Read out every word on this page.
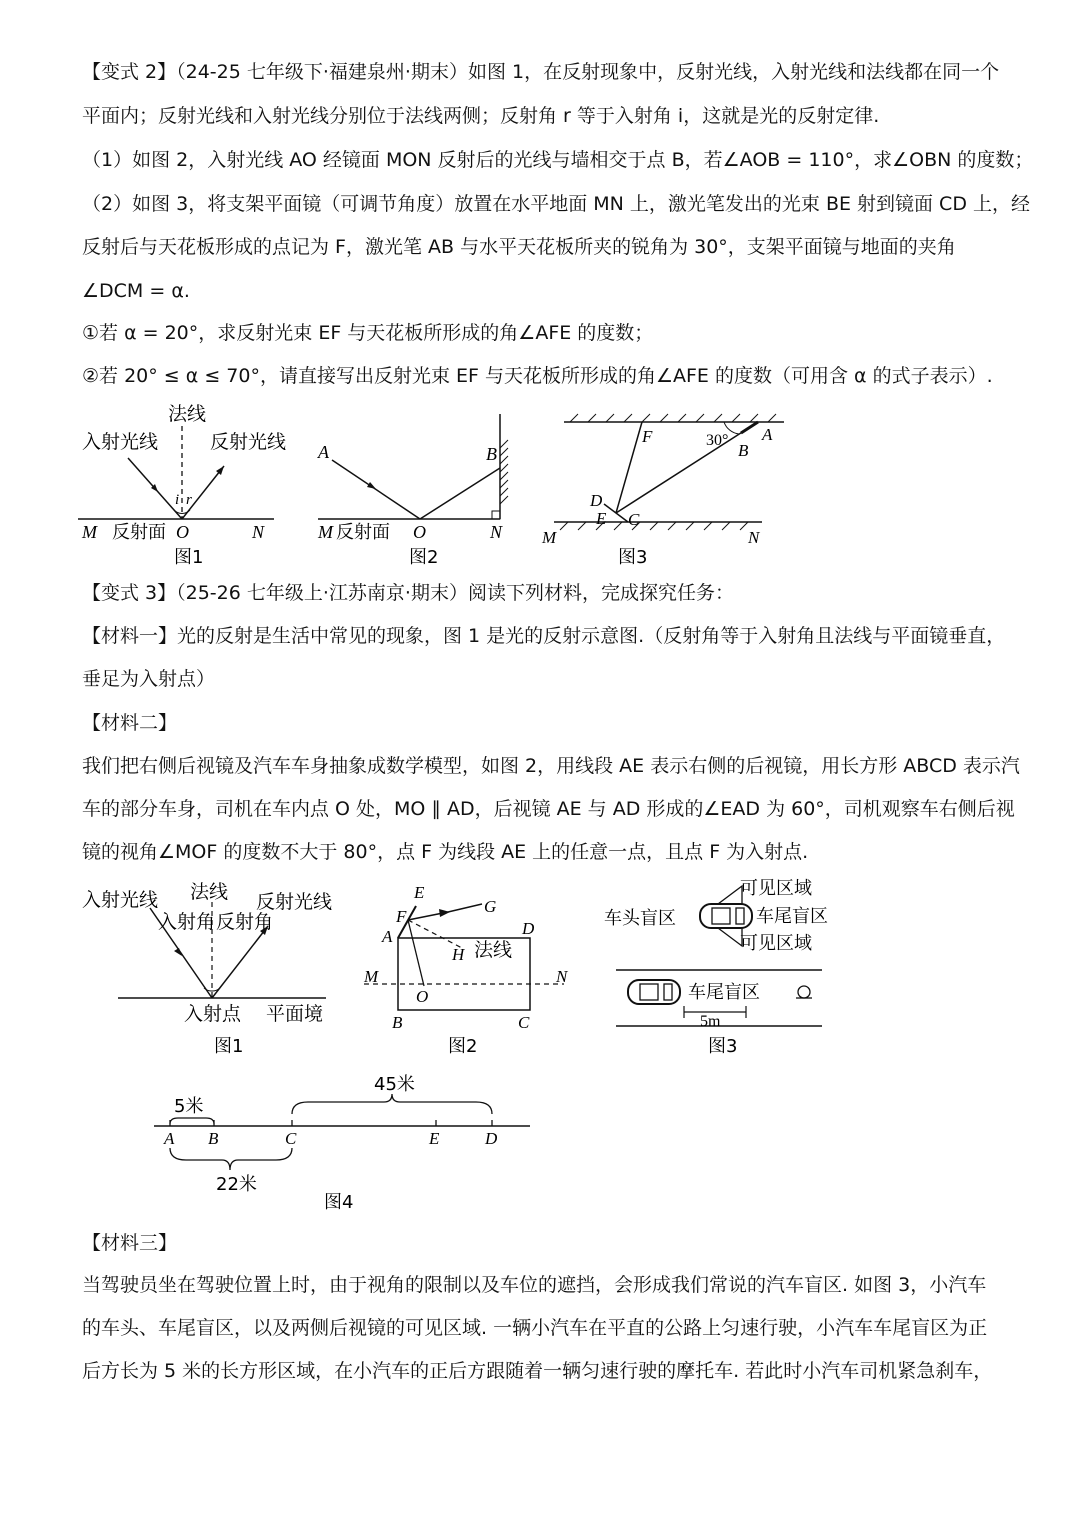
【变式 2】（24-25 七年级下·福建泉州·期末）如图 1，在反射现象中，反射光线，入射光线和法线都在同一个
平面内；反射光线和入射光线分别位于法线两侧；反射角 r 等于入射角 i，这就是光的反射定律.
（1）如图 2，入射光线 AO 经镜面 MON 反射后的光线与墙相交于点 B，若∠AOB = 110°，求∠OBN 的度数；
（2）如图 3，将支架平面镜（可调节角度）放置在水平地面 MN 上，激光笔发出的光束 BE 射到镜面 CD 上，经
反射后与天花板形成的点记为 F，激光笔 AB 与水平天花板所夹的锐角为 30°，支架平面镜与地面的夹角
∠DCM = α.
①若 α = 20°，求反射光束 EF 与天花板所形成的角∠AFE 的度数；
②若 20° ≤ α ≤ 70°，请直接写出反射光束 EF 与天花板所形成的角∠AFE 的度数（可用含 α 的式子表示）.
法线
入射光线	反射光线
i r
M 反射面 O	N
图1
A	B
M 反射面 O	N
图2
F	30° A
B
D
E C
M	N
图3
【变式 3】（25-26 七年级上·江苏南京·期末）阅读下列材料，完成探究任务：
【材料一】光的反射是生活中常见的现象，图 1 是光的反射示意图.（反射角等于入射角且法线与平面镜垂直，
垂足为入射点）
【材料二】
我们把右侧后视镜及汽车车身抽象成数学模型，如图 2，用线段 AE 表示右侧的后视镜，用长方形 ABCD 表示汽
车的部分车身，司机在车内点 O 处，MO ∥ AD，后视镜 AE 与 AD 形成的∠EAD 为 60°，司机观察车右侧后视
镜的视角∠MOF 的度数不大于 80°，点 F 为线段 AE 上的任意一点，且点 F 为入射点.
入射光线 法线 反射光线
入射角 反射角
入射点 平面境
图1
E
F
G
A	D
H 法线
M	N
O
B	C
图2
可见区域
车头盲区	车尾盲区
可见区域
车尾盲区
5m
图3
5米
45米
A B	C	E	D
22米
图4
【材料三】
当驾驶员坐在驾驶位置上时，由于视角的限制以及车位的遮挡，会形成我们常说的汽车盲区. 如图 3，小汽车
的车头、车尾盲区，以及两侧后视镜的可见区域. 一辆小汽车在平直的公路上匀速行驶，小汽车车尾盲区为正
后方长为 5 米的长方形区域，在小汽车的正后方跟随着一辆匀速行驶的摩托车. 若此时小汽车司机紧急刹车，
